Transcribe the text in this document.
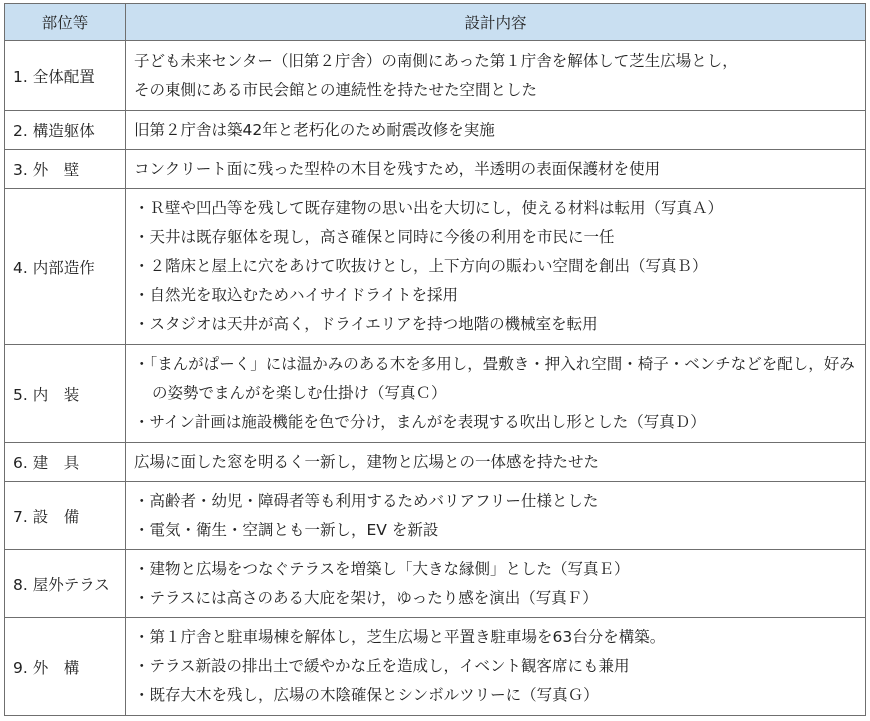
部位等	設計内容
1. 全体配置	子ども未来センター（旧第２庁舎）の南側にあった第１庁舎を解体して芝生広場とし，
その東側にある市民会館との連続性を持たせた空間とした

2. 構造躯体	旧第２庁舎は築42年と老朽化のため耐震改修を実施

3. 外　壁	コンクリート面に残った型枠の木目を残すため，半透明の表面保護材を使用

4. 内部造作	・Ｒ壁や凹凸等を残して既存建物の思い出を大切にし，使える材料は転用（写真Ａ）
・天井は既存躯体を現し，高さ確保と同時に今後の利用を市民に一任
・２階床と屋上に穴をあけて吹抜けとし，上下方向の賑わい空間を創出（写真Ｂ）
・自然光を取込むためハイサイドライトを採用
・スタジオは天井が高く，ドライエリアを持つ地階の機械室を転用

5. 内　装	・「まんがぱーく」には温かみのある木を多用し，畳敷き・押入れ空間・椅子・ベンチなどを配し，好みの姿勢でまんがを楽しむ仕掛け（写真Ｃ）
・サイン計画は施設機能を色で分け，まんがを表現する吹出し形とした（写真Ｄ）

6. 建　具	広場に面した窓を明るく一新し，建物と広場との一体感を持たせた

7. 設　備	・高齢者・幼児・障碍者等も利用するためバリアフリー仕様とした
・電気・衛生・空調とも一新し，EV を新設

8. 屋外テラス	・建物と広場をつなぐテラスを増築し「大きな縁側」とした（写真Ｅ）
・テラスには高さのある大庇を架け，ゆったり感を演出（写真Ｆ）

9. 外　構	・第１庁舎と駐車場棟を解体し，芝生広場と平置き駐車場を63台分を構築。
・テラス新設の排出土で緩やかな丘を造成し，イベント観客席にも兼用
・既存大木を残し，広場の木陰確保とシンボルツリーに（写真Ｇ）
